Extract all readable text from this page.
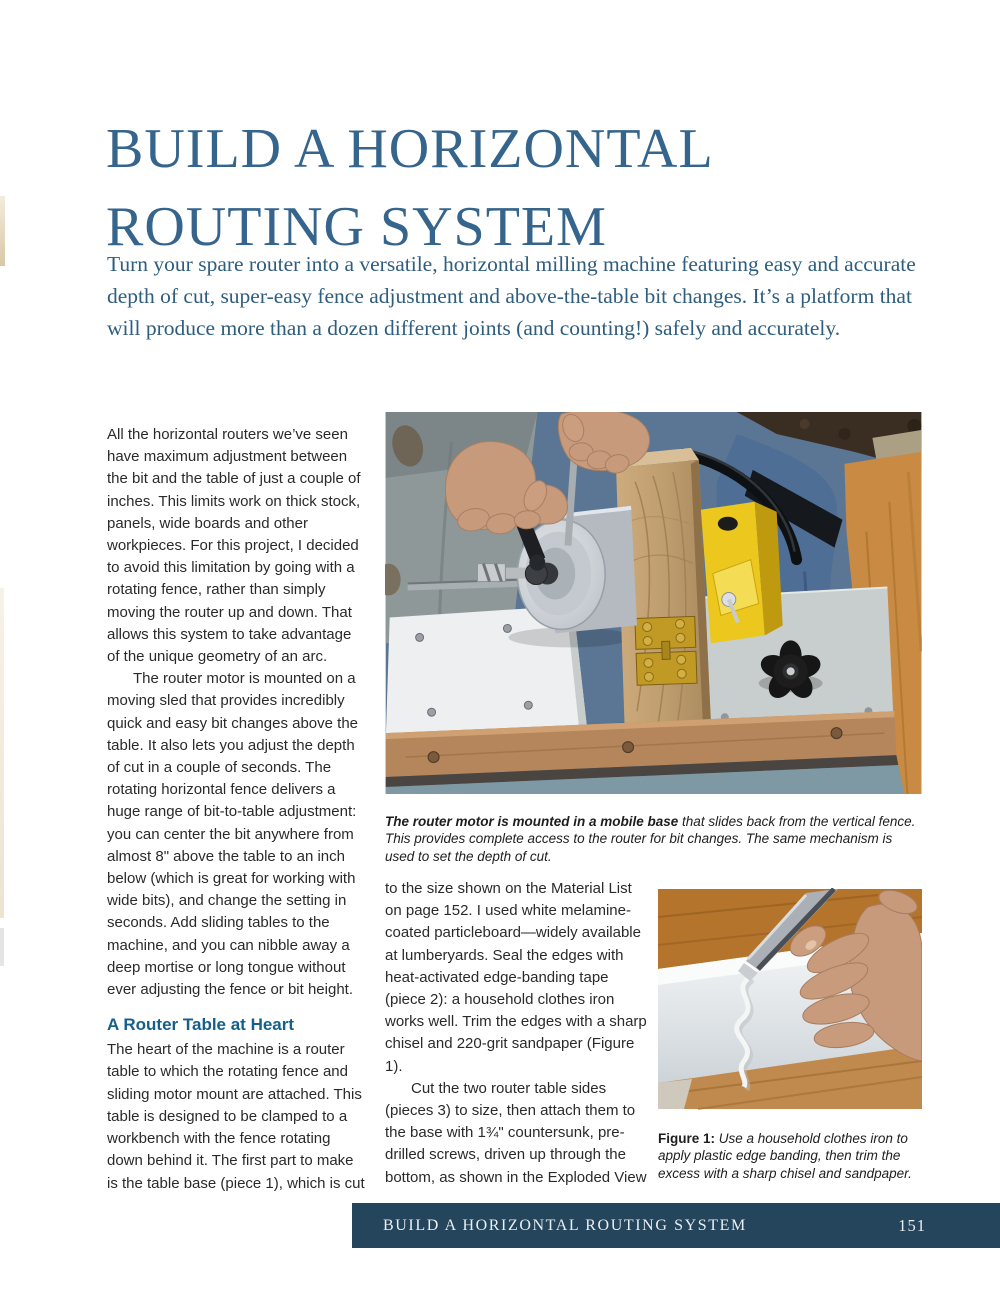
BUILD A HORIZONTAL
ROUTING SYSTEM

Turn your spare router into a versatile, horizontal milling machine featuring easy and accurate depth of cut, super-easy fence adjustment and above-the-table bit changes. It’s a platform that will produce more than a dozen different joints (and counting!) safely and accurately.

All the horizontal routers we’ve seen have maximum adjustment between the bit and the table of just a couple of inches. This limits work on thick stock, panels, wide boards and other workpieces. For this project, I decided to avoid this limitation by going with a rotating fence, rather than simply moving the router up and down. That allows this system to take advantage of the unique geometry of an arc.

The router motor is mounted on a moving sled that provides incredibly quick and easy bit changes above the table. It also lets you adjust the depth of cut in a couple of seconds. The rotating horizontal fence delivers a huge range of bit-to-table adjustment: you can center the bit anywhere from almost 8" above the table to an inch below (which is great for working with wide bits), and change the setting in seconds. Add sliding tables to the machine, and you can nibble away a deep mortise or long tongue without ever adjusting the fence or bit height.

A Router Table at Heart

The heart of the machine is a router table to which the rotating fence and sliding motor mount are attached. This table is designed to be clamped to a workbench with the fence rotating down behind it. The first part to make is the table base (piece 1), which is cut

The router motor is mounted in a mobile base that slides back from the vertical fence. This provides complete access to the router for bit changes. The same mechanism is used to set the depth of cut.

to the size shown on the Material List on page 152. I used white melamine-coated particleboard—widely available at lumberyards. Seal the edges with heat-activated edge-banding tape (piece 2): a household clothes iron works well. Trim the edges with a sharp chisel and 220-grit sandpaper (Figure 1).

Cut the two router table sides (pieces 3) to size, then attach them to the base with 1¾" countersunk, pre-drilled screws, driven up through the bottom, as shown in the Exploded View

Figure 1: Use a household clothes iron to apply plastic edge banding, then trim the excess with a sharp chisel and sandpaper.

BUILD A HORIZONTAL ROUTING SYSTEM	151
